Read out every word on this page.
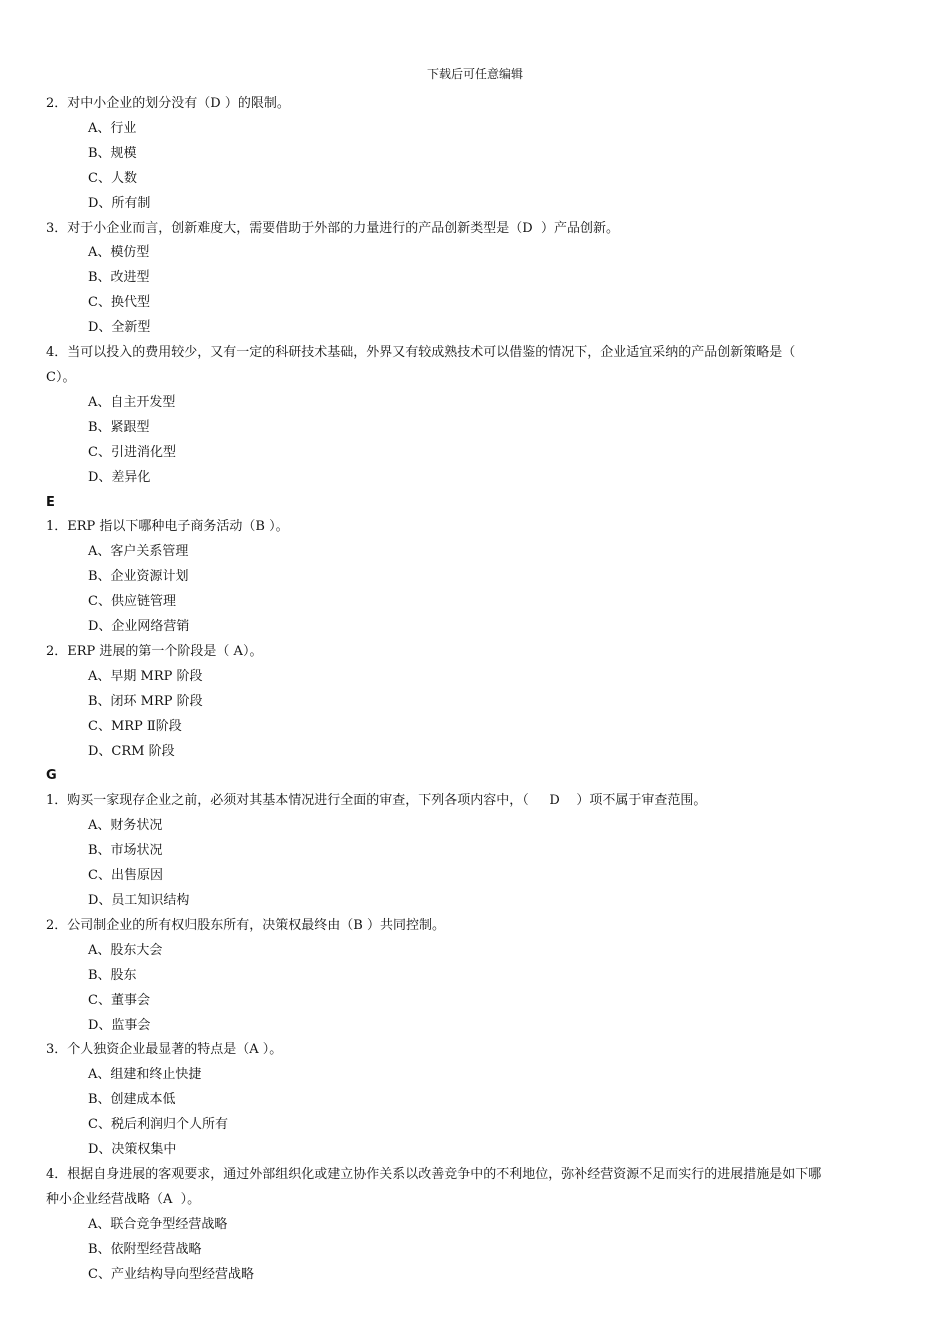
下载后可任意编辑
2．对中小企业的划分没有（D ）的限制。
A、行业
B、规模
C、人数
D、所有制
3．对于小企业而言，创新难度大，需要借助于外部的力量进行的产品创新类型是（D  ）产品创新。
A、模仿型
B、改进型
C、换代型
D、全新型
4．当可以投入的费用较少，又有一定的科研技术基础，外界又有较成熟技术可以借鉴的情况下，企业适宜采纳的产品创新策略是（
C）。
A、自主开发型
B、紧跟型
C、引进消化型
D、差异化
E
1．ERP 指以下哪种电子商务活动（B ）。
A、客户关系管理
B、企业资源计划
C、供应链管理
D、企业网络营销
2．ERP 进展的第一个阶段是（ A）。
A、早期 MRP 阶段
B、闭环 MRP 阶段
C、MRP Ⅱ阶段
D、CRM 阶段
G
1．购买一家现存企业之前，必须对其基本情况进行全面的审查，下列各项内容中，（     D    ）项不属于审查范围。
A、财务状况
B、市场状况
C、出售原因
D、员工知识结构
2．公司制企业的所有权归股东所有，决策权最终由（B ）共同控制。
A、股东大会
B、股东
C、董事会
D、监事会
3．个人独资企业最显著的特点是（A ）。
A、组建和终止快捷
B、创建成本低
C、税后利润归个人所有
D、决策权集中
4．根据自身进展的客观要求，通过外部组织化或建立协作关系以改善竞争中的不利地位，弥补经营资源不足而实行的进展措施是如下哪
种小企业经营战略（A  ）。
A、联合竞争型经营战略
B、依附型经营战略
C、产业结构导向型经营战略
